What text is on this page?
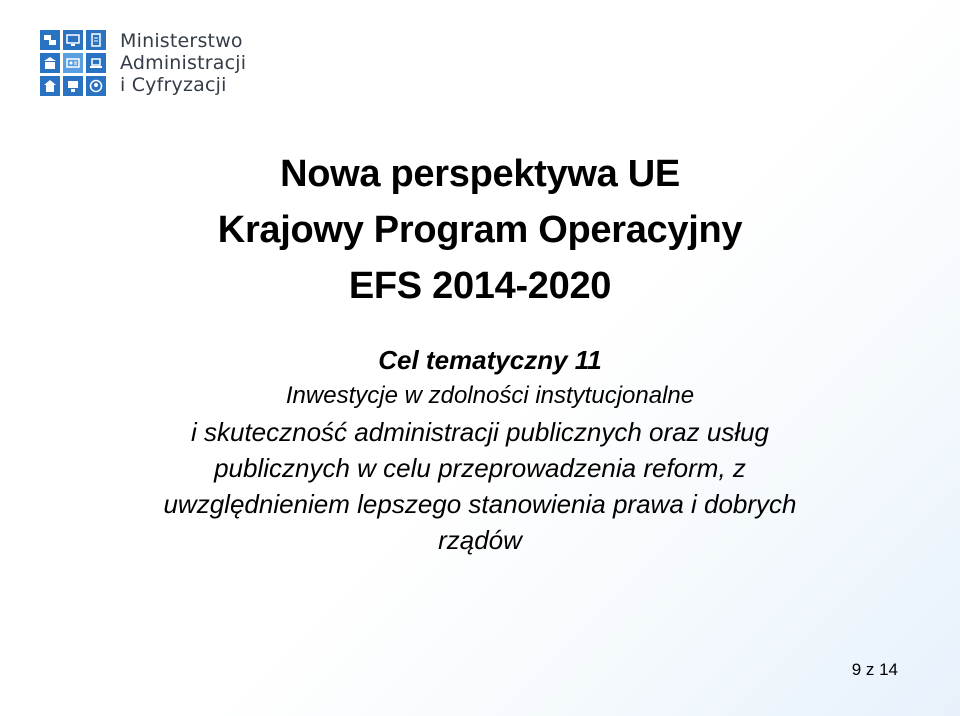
Ministerstwo
Administracji
i Cyfryzacji
Nowa perspektywa UE
Krajowy Program Operacyjny
EFS 2014-2020
Cel tematyczny 11
Inwestycje w zdolności instytucjonalne
i skuteczność administracji publicznych oraz usług
publicznych w celu przeprowadzenia reform, z
uwzględnieniem lepszego stanowienia prawa i dobrych
rządów
9 z 14
